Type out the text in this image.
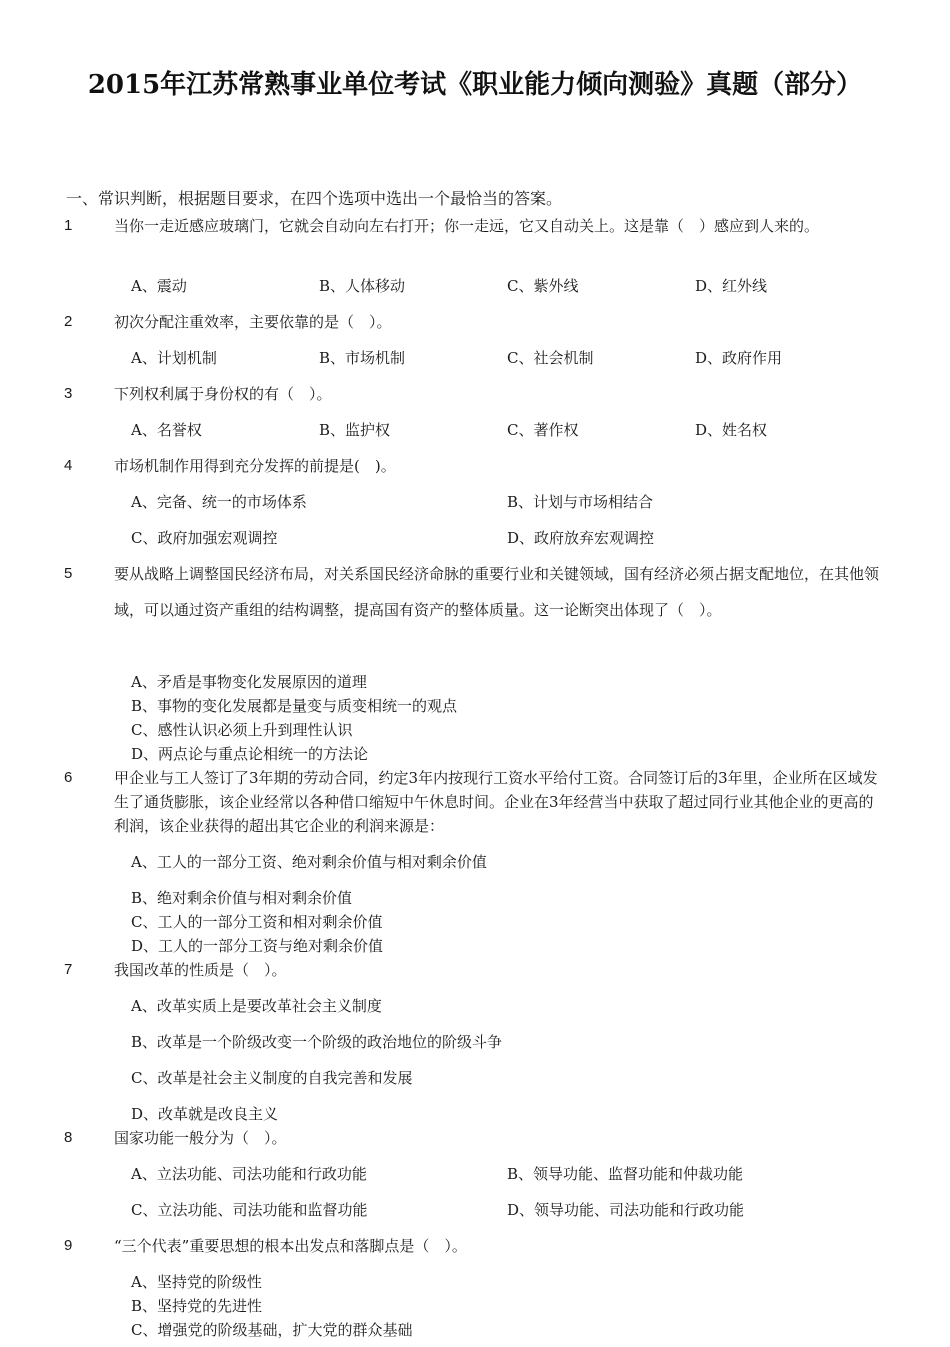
2015年江苏常熟事业单位考试《职业能力倾向测验》真题（部分）
一、常识判断，根据题目要求，在四个选项中选出一个最恰当的答案。
1	当你一走近感应玻璃门，它就会自动向左右打开；你一走远，它又自动关上。这是靠（　）感应到人来的。
A、震动	B、人体移动	C、紫外线	D、红外线
2	初次分配注重效率，主要依靠的是（　）。
A、计划机制	B、市场机制	C、社会机制	D、政府作用
3	下列权利属于身份权的有（　）。
A、名誉权	B、监护权	C、著作权	D、姓名权
4	市场机制作用得到充分发挥的前提是(　)。
A、完备、统一的市场体系	B、计划与市场相结合
C、政府加强宏观调控	D、政府放弃宏观调控
5	要从战略上调整国民经济布局，对关系国民经济命脉的重要行业和关键领域，国有经济必须占据支配地位，在其他领域，可以通过资产重组的结构调整，提高国有资产的整体质量。这一论断突出体现了（　）。
A、矛盾是事物变化发展原因的道理
B、事物的变化发展都是量变与质变相统一的观点
C、感性认识必须上升到理性认识
D、两点论与重点论相统一的方法论
6	甲企业与工人签订了3年期的劳动合同，约定3年内按现行工资水平给付工资。合同签订后的3年里，企业所在区域发生了通货膨胀，该企业经常以各种借口缩短中午休息时间。企业在3年经营当中获取了超过同行业其他企业的更高的利润，该企业获得的超出其它企业的利润来源是：
A、工人的一部分工资、绝对剩余价值与相对剩余价值
B、绝对剩余价值与相对剩余价值
C、工人的一部分工资和相对剩余价值
D、工人的一部分工资与绝对剩余价值
7	我国改革的性质是（　）。
A、改革实质上是要改革社会主义制度
B、改革是一个阶级改变一个阶级的政治地位的阶级斗争
C、改革是社会主义制度的自我完善和发展
D、改革就是改良主义
8	国家功能一般分为（　）。
A、立法功能、司法功能和行政功能	B、领导功能、监督功能和仲裁功能
C、立法功能、司法功能和监督功能	D、领导功能、司法功能和行政功能
9	“三个代表”重要思想的根本出发点和落脚点是（　）。
A、坚持党的阶级性
B、坚持党的先进性
C、增强党的阶级基础，扩大党的群众基础
